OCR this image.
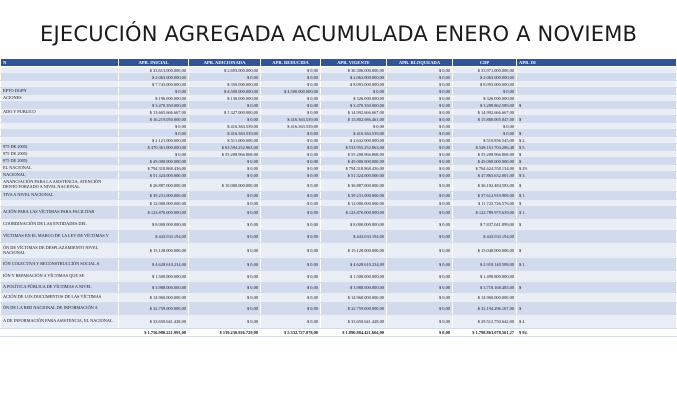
EJECUCIÓN AGREGADA ACUMULADA ENERO A NOVIEMB
N	APR. INICIAL	APR. ADICIONADA	APR. REDUCIDA	APR. VIGENTE	APR. BLOQUEADA	CDP	APR. DI
	$ 33.613.000.000,00	$ 2.693.000.000,00	$ 0,00	$ 36.306.000.000,00	$ 0,00	$ 33.971.000.000,00	
	$ 2.063.000.000,00	$ 0,00	$ 0,00	$ 2.063.000.000,00	$ 0,00	$ 2.063.000.000,00	
	$ 7.743.000.000,00	$ 350.000.000,00	$ 0,00	$ 8.093.000.000,00	$ 0,00	$ 8.093.000.000,00	
EPTO DGPN	$ 0,00	$ 4.500.000.000,00	$ 4.500.000.000,00	$ 0,00	$ 0,00	$ 0,00	
ACIONES	$ 196.000.000,00	$ 130.000.000,00	$ 0,00	$ 326.000.000,00	$ 0,00	$ 326.000.000,00	
	$ 3.470.350.000,00	$ 0,00	$ 0,00	$ 3.470.350.000,00	$ 0,00	$ 3.289.862.589,00	$
ADO Y PUBLICO	$ 13.665.666.667,00	$ 1.327.000.000,00	$ 0,00	$ 14.992.666.667,00	$ 0,00	$ 14.992.666.667,00	
	$ 16.219.050.000,00	$ 0,00	$ 416.363.539,00	$ 15.802.686.461,00	$ 0,00	$ 15.800.005.047,00	$
	$ 0,00	$ 416.363.539,00	$ 416.363.539,00	$ 0,00	$ 0,00	$ 0,00	
	$ 0,00	$ 416.363.539,00	$ 0,00	$ 416.363.539,00	$ 0,00	$ 0,00	$
	$ 2.121.000.000,00	$ 511.000.000,00	$ 0,00	$ 2.632.000.000,00	$ 0,00	$ 510.856.545,00	$ 2.
975 DE 2005)	$ 470.361.000.000,00	$ 63.594.252.863,00	$ 0,00	$ 533.955.252.863,00	$ 0,00	$ 528.161.704.286,48	$ 5.
975 DE 2005)	$ 0,00	$ 55.208.966.868,00	$ 0,00	$ 55.208.966.868,00	$ 0,00	$ 55.208.966.868,00	$
975 DE 2005)	$ 45.000.000.000,00	$ 0,00	$ 0,00	$ 45.000.000.000,00	$ 0,00	$ 45.000.000.000,00	$
EL NACIONAL	$ 794.318.868.436,00	$ 0,00	$ 0,00	$ 794.318.868.436,00	$ 0,00	$ 764.624.558.134,00	$ 29.
NACIONAL	$ 51.324.000.000,00	$ 0,00	$ 0,00	$ 51.324.000.000,00	$ 0,00	$ 47.863.632.001,00	$ 3.
ANANCIACIÓN PARA LA ASISTENCIA, ATENCIÓN DENTO FORZADO A NIVEL NACIONAL	$ 26.887.000.000,00	$ 10.000.000.000,00	$ 0,00	$ 36.887.000.000,00	$ 0,00	$ 36.102.484.583,00	$
TIVA A NIVEL NACIONAL	$ 39.231.000.000,00	$ 0,00	$ 0,00	$ 39.231.000.000,00	$ 0,00	$ 37.612.919.909,00	$ 1.
	$ 12.000.000.000,00	$ 0,00	$ 0,00	$ 12.000.000.000,00	$ 0,00	$ 11.725.726.576,00	$
ACIÓN PARA LAS VÍCTIMAS PARA FACILITAR	$ 123.870.000.000,00	$ 0,00	$ 0,00	$ 123.870.000.000,00	$ 0,00	$ 122.789.975.639,00	$ 1.
COORDINACIÓN DE LAS ENTIDADES DEL	$ 8.000.000.000,00	$ 0,00	$ 0,00	$ 8.000.000.000,00	$ 0,00	$ 7.837.041.899,00	$
VÍCTIMAS EN EL MARCO DE LA LEY DE VÍCTIMAS Y	$ 443.033.194,00	$ 0,00	$ 0,00	$ 443.033.194,00	$ 0,00	$ 443.033.194,00	
ÓN DE VÍCTIMAS DE DESPLAZAMIENTO NIVEL NACIONAL	$ 15.128.000.000,00	$ 0,00	$ 0,00	$ 15.128.000.000,00	$ 0,00	$ 15.048.000.000,00	$
IÓN COLECTIVA Y RECONSTRUCCIÓN SOCIAL A	$ 4.628.610.234,00	$ 0,00	$ 0,00	$ 4.628.610.234,00	$ 0,00	$ 2.918.140.588,00	$ 1.
IÓN Y REPARACIÓN A VÍCTIMAS QUE SE	$ 1.500.000.000,00	$ 0,00	$ 0,00	$ 1.500.000.000,00	$ 0,00	$ 1.498.800.000,00	
A POLÍTICA PÚBLICA DE VÍCTIMAS A NIVEL	$ 3.988.000.000,00	$ 0,00	$ 0,00	$ 3.988.000.000,00	$ 0,00	$ 3.718.168.485,00	$
ACIÓN DE LOS DOCUMENTOS DE LAS VÍCTIMAS	$ 14.960.000.000,00	$ 0,00	$ 0,00	$ 14.960.000.000,00	$ 0,00	$ 14.960.000.000,00	
ÓN DE LA RED NACIONAL DE INFORMACIÓN A	$ 32.759.000.000,00	$ 0,00	$ 0,00	$ 32.759.000.000,00	$ 0,00	$ 32.194.296.167,00	$
A DE INFORMACIÓN PARA ASISTENCIA, EL NACIONAL	$ 33.650.641.428,00	$ 0,00	$ 0,00	$ 33.650.641.428,00	$ 0,00	$ 29.512.750.642,00	$ 4.
	$ 1.756.980.221.993,00	$ 139.236.926.729,00	$ 5.332.727.078,00	$ 1.890.884.421.604,00	$ 0,00	$ 1.798.863.078.561,27	$ 92.
